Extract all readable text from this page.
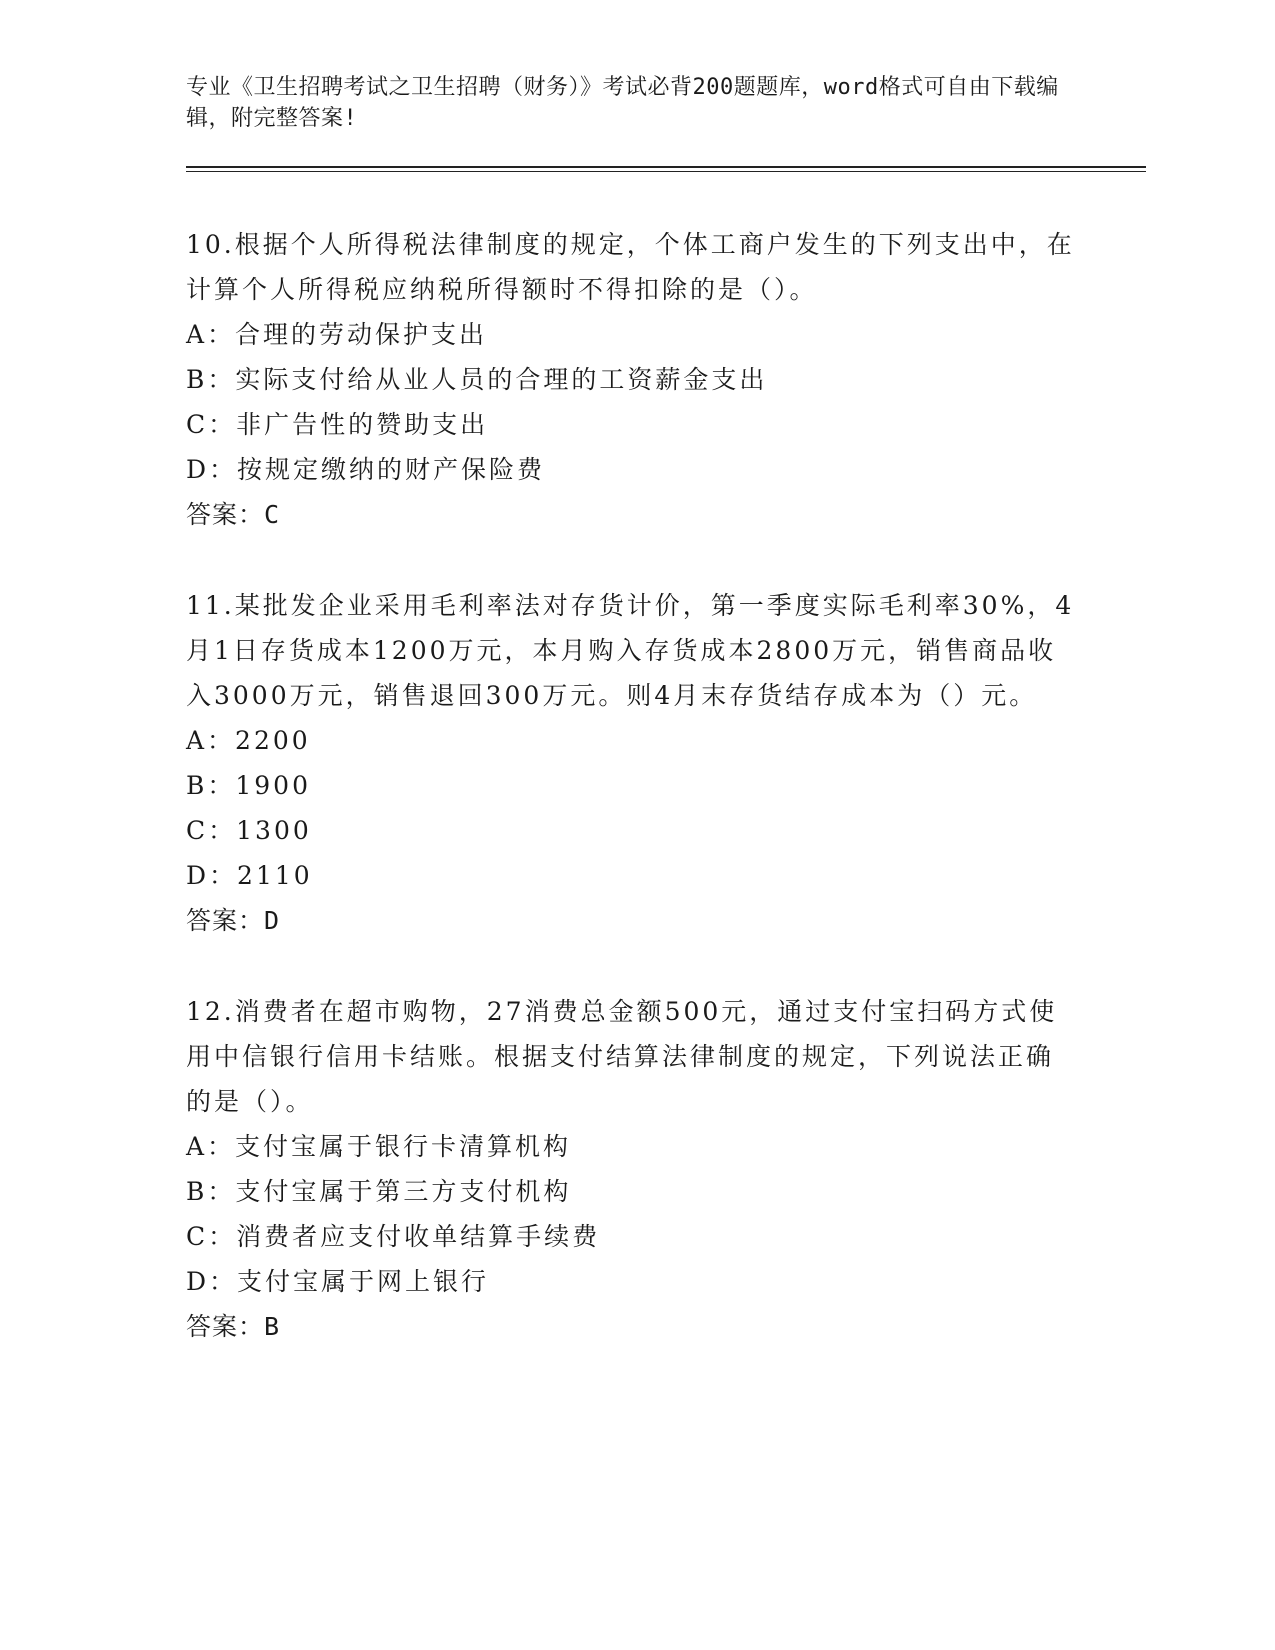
专业《卫生招聘考试之卫生招聘（财务）》考试必背200题题库，word格式可自由下载编辑，附完整答案!
10.根据个人所得税法律制度的规定，个体工商户发生的下列支出中，在计算个人所得税应纳税所得额时不得扣除的是（）。
A：合理的劳动保护支出
B：实际支付给从业人员的合理的工资薪金支出
C：非广告性的赞助支出
D：按规定缴纳的财产保险费
答案：C
11.某批发企业采用毛利率法对存货计价，第一季度实际毛利率30%，4月1日存货成本1200万元，本月购入存货成本2800万元，销售商品收入3000万元，销售退回300万元。则4月末存货结存成本为（）元。
A：2200
B：1900
C：1300
D：2110
答案：D
12.消费者在超市购物，27消费总金额500元，通过支付宝扫码方式使用中信银行信用卡结账。根据支付结算法律制度的规定，下列说法正确的是（）。
A：支付宝属于银行卡清算机构
B：支付宝属于第三方支付机构
C：消费者应支付收单结算手续费
D：支付宝属于网上银行
答案：B
